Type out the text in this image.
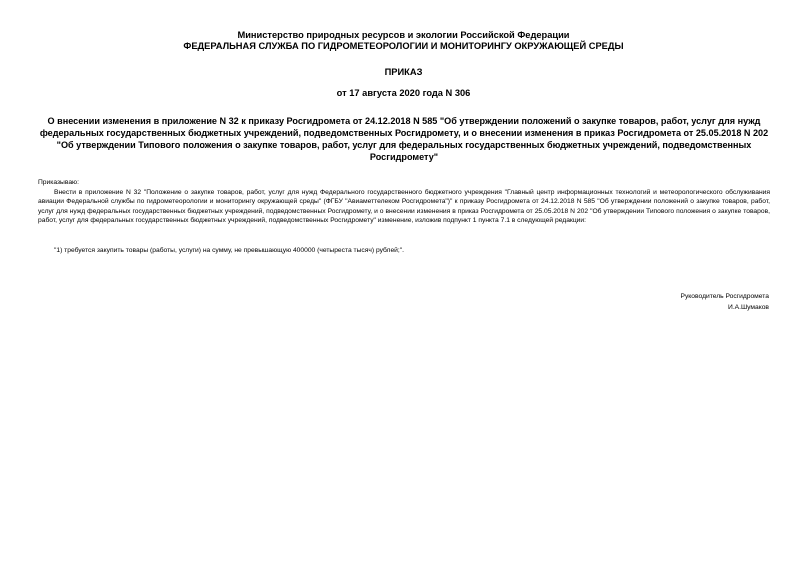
Министерство природных ресурсов и экологии Российской Федерации
ФЕДЕРАЛЬНАЯ СЛУЖБА ПО ГИДРОМЕТЕОРОЛОГИИ И МОНИТОРИНГУ ОКРУЖАЮЩЕЙ СРЕДЫ
ПРИКАЗ
от 17 августа 2020 года N 306
О внесении изменения в приложение N 32 к приказу Росгидромета от 24.12.2018 N 585 "Об утверждении положений о закупке товаров, работ, услуг для нужд федеральных государственных бюджетных учреждений, подведомственных Росгидромету, и о внесении изменения в приказ Росгидромета от 25.05.2018 N 202 "Об утверждении Типового положения о закупке товаров, работ, услуг для федеральных государственных бюджетных учреждений, подведомственных Росгидромету"
Приказываю:
Внести в приложение N 32 "Положение о закупке товаров, работ, услуг для нужд Федерального государственного бюджетного учреждения "Главный центр информационных технологий и метеорологического обслуживания авиации Федеральной службы по гидрометеорологии и мониторингу окружающей среды" (ФГБУ "Авиаметтелеком Росгидромета")" к приказу Росгидромета от 24.12.2018 N 585 "Об утверждении положений о закупке товаров, работ, услуг для нужд федеральных государственных бюджетных учреждений, подведомственных Росгидромету, и о внесении изменения в приказ Росгидромета от 25.05.2018 N 202 "Об утверждении Типового положения о закупке товаров, работ, услуг для федеральных государственных бюджетных учреждений, подведомственных Росгидромету" изменение, изложив подпункт 1 пункта 7.1 в следующей редакции:
"1) требуется закупить товары (работы, услуги) на сумму, не превышающую 400000 (четыреста тысяч) рублей;".
Руководитель Росгидромета
И.А.Шумаков
